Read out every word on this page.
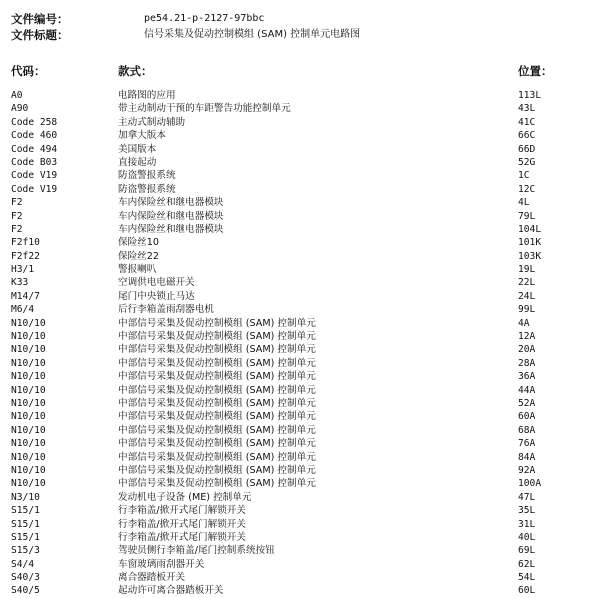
文件编号：	pe54.21-p-2127-97bbc
文件标题：	信号采集及促动控制模组 (SAM) 控制单元电路图
代码：	款式：	位置：
A0	电路图的应用	113L
A90	带主动制动干预的车距警告功能控制单元	43L
Code 258	主动式制动辅助	41C
Code 460	加拿大版本	66C
Code 494	美国版本	66D
Code B03	直接起动	52G
Code V19	防盗警报系统	1C
Code V19	防盗警报系统	12C
F2	车内保险丝和继电器模块	4L
F2	车内保险丝和继电器模块	79L
F2	车内保险丝和继电器模块	104L
F2f10	保险丝10	101K
F2f22	保险丝22	103K
H3/1	警报喇叭	19L
K33	空调供电电磁开关	22L
M14/7	尾门中央锁止马达	24L
M6/4	后行李箱盖雨刮器电机	99L
N10/10	中部信号采集及促动控制模组 (SAM) 控制单元	4A
N10/10	中部信号采集及促动控制模组 (SAM) 控制单元	12A
N10/10	中部信号采集及促动控制模组 (SAM) 控制单元	20A
N10/10	中部信号采集及促动控制模组 (SAM) 控制单元	28A
N10/10	中部信号采集及促动控制模组 (SAM) 控制单元	36A
N10/10	中部信号采集及促动控制模组 (SAM) 控制单元	44A
N10/10	中部信号采集及促动控制模组 (SAM) 控制单元	52A
N10/10	中部信号采集及促动控制模组 (SAM) 控制单元	60A
N10/10	中部信号采集及促动控制模组 (SAM) 控制单元	68A
N10/10	中部信号采集及促动控制模组 (SAM) 控制单元	76A
N10/10	中部信号采集及促动控制模组 (SAM) 控制单元	84A
N10/10	中部信号采集及促动控制模组 (SAM) 控制单元	92A
N10/10	中部信号采集及促动控制模组 (SAM) 控制单元	100A
N3/10	发动机电子设备 (ME) 控制单元	47L
S15/1	行李箱盖/掀开式尾门解锁开关	35L
S15/1	行李箱盖/掀开式尾门解锁开关	31L
S15/1	行李箱盖/掀开式尾门解锁开关	40L
S15/3	驾驶员侧行李箱盖/尾门控制系统按钮	69L
S4/4	车窗玻璃雨刮器开关	62L
S40/3	离合器踏板开关	54L
S40/5	起动许可离合器踏板开关	60L
